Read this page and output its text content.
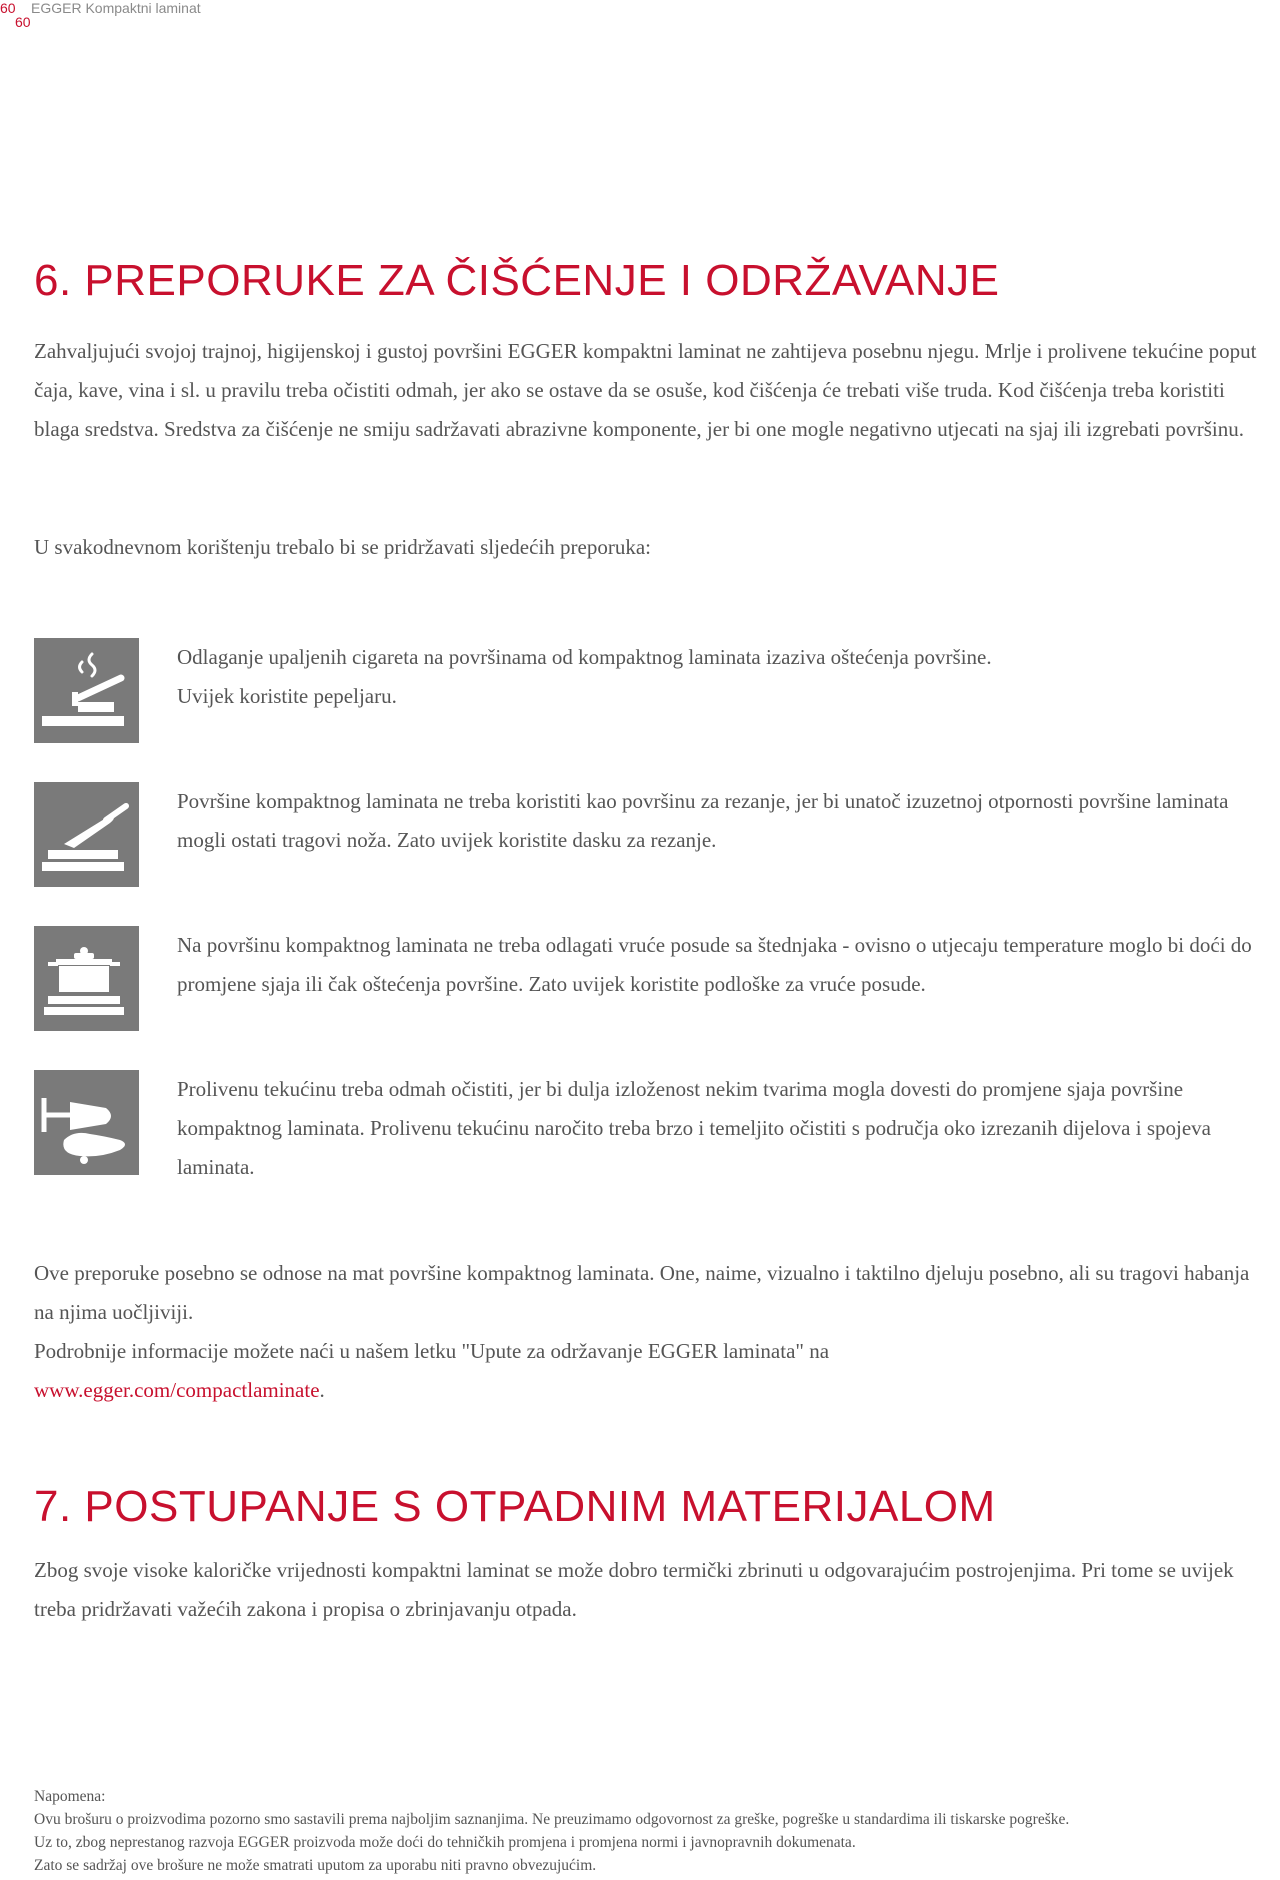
60
60
EGGER Kompaktni laminat
6. PREPORUKE ZA ČIŠĆENJE I ODRŽAVANJE

Zahvaljujući svojoj trajnoj, higijenskoj i gustoj površini EGGER kompaktni laminat ne zahtijeva posebnu njegu. Mrlje i prolivene tekućine poput čaja, kave, vina i sl. u pravilu treba očistiti odmah, jer ako se ostave da se osuše, kod čišćenja će trebati više truda. Kod čišćenja treba koristiti blaga sredstva. Sredstva za čišćenje ne smiju sadržavati abrazivne komponente, jer bi one mogle negativno utjecati na sjaj ili izgrebati površinu.

U svakodnevnom korištenju trebalo bi se pridržavati sljedećih preporuka:

Odlaganje upaljenih cigareta na površinama od kompaktnog laminata izaziva oštećenja površine.
Uvijek koristite pepeljaru.

Površine kompaktnog laminata ne treba koristiti kao površinu za rezanje, jer bi unatoč izuzetnoj otpornosti površine laminata mogli ostati tragovi noža. Zato uvijek koristite dasku za rezanje.

Na površinu kompaktnog laminata ne treba odlagati vruće posude sa štednjaka - ovisno o utjecaju temperature moglo bi doći do promjene sjaja ili čak oštećenja površine. Zato uvijek koristite podloške za vruće posude.

Prolivenu tekućinu treba odmah očistiti, jer bi dulja izloženost nekim tvarima mogla dovesti do promjene sjaja površine kompaktnog laminata. Prolivenu tekućinu naročito treba brzo i temeljito očistiti s područja oko izrezanih dijelova i spojeva laminata.

Ove preporuke posebno se odnose na mat površine kompaktnog laminata. One, naime, vizualno i taktilno djeluju posebno, ali su tragovi habanja na njima uočljiviji.
Podrobnije informacije možete naći u našem letku "Upute za održavanje EGGER laminata" na
www.egger.com/compactlaminate.
7. POSTUPANJE S OTPADNIM MATERIJALOM

Zbog svoje visoke kaloričke vrijednosti kompaktni laminat se može dobro termički zbrinuti u odgovarajućim postrojenjima. Pri tome se uvijek treba pridržavati važećih zakona i propisa o zbrinjavanju otpada.

Napomena:
Ovu brošuru o proizvodima pozorno smo sastavili prema najboljim saznanjima. Ne preuzimamo odgovornost za greške, pogreške u standardima ili tiskarske pogreške.
Uz to, zbog neprestanog razvoja EGGER proizvoda može doći do tehničkih promjena i promjena normi i javnopravnih dokumenata.
Zato se sadržaj ove brošure ne može smatrati uputom za uporabu niti pravno obvezujućim.
